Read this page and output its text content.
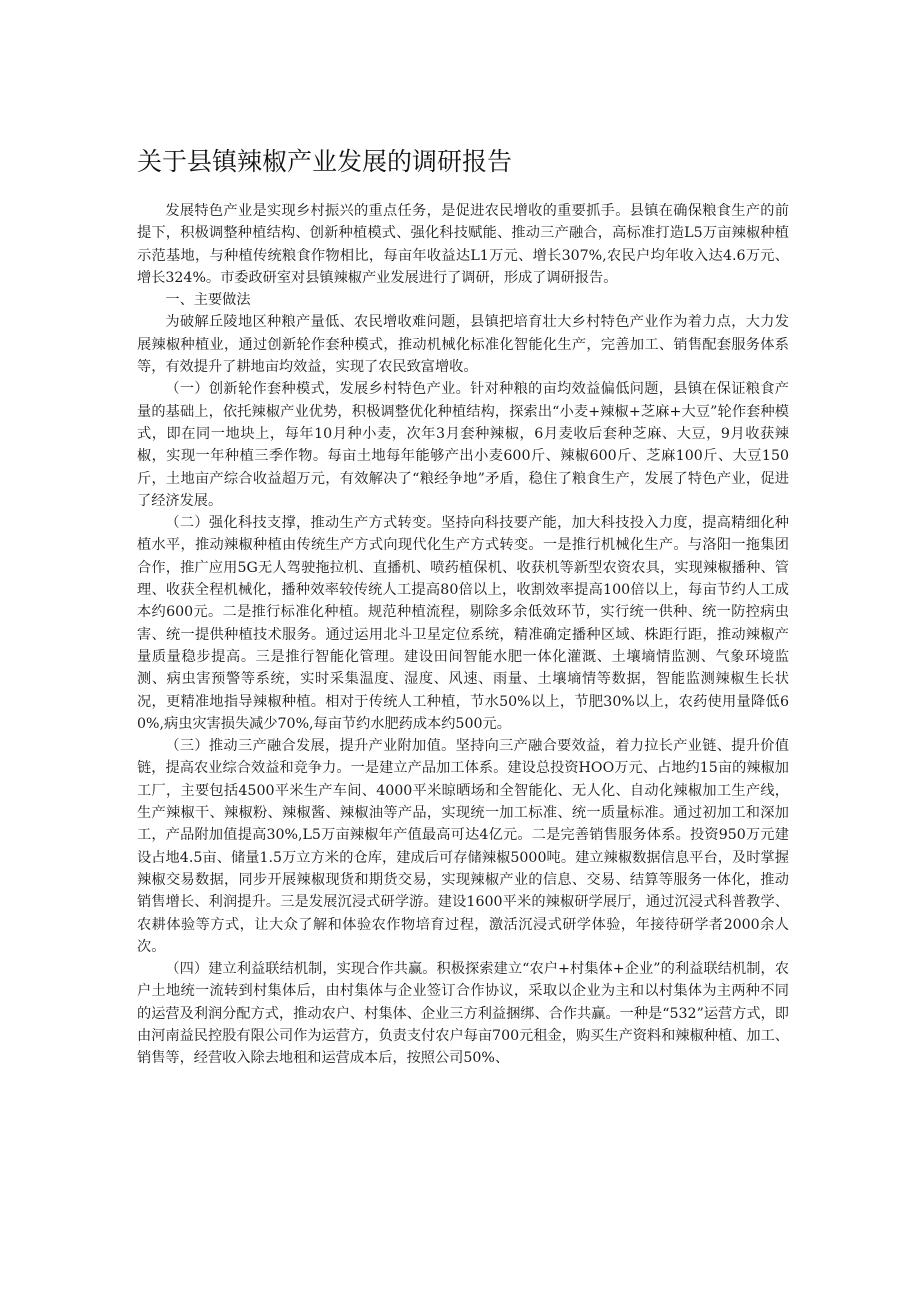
关于县镇辣椒产业发展的调研报告

发展特色产业是实现乡村振兴的重点任务，是促进农民增收的重要抓手。县镇在确保粮食生产的前提下，积极调整种植结构、创新种植模式、强化科技赋能、推动三产融合，高标准打造L5万亩辣椒种植示范基地，与种植传统粮食作物相比，每亩年收益达L1万元、增长307%,农民户均年收入达4.6万元、增长324%。市委政研室对县镇辣椒产业发展进行了调研，形成了调研报告。

一、主要做法

为破解丘陵地区种粮产量低、农民增收难问题，县镇把培育壮大乡村特色产业作为着力点，大力发展辣椒种植业，通过创新轮作套种模式，推动机械化标准化智能化生产，完善加工、销售配套服务体系等，有效提升了耕地亩均效益，实现了农民致富增收。

（一）创新轮作套种模式，发展乡村特色产业。针对种粮的亩均效益偏低问题，县镇在保证粮食产量的基础上，依托辣椒产业优势，积极调整优化种植结构，探索出“小麦+辣椒+芝麻+大豆”轮作套种模式，即在同一地块上，每年10月种小麦，次年3月套种辣椒，6月麦收后套种芝麻、大豆，9月收获辣椒，实现一年种植三季作物。每亩土地每年能够产出小麦600斤、辣椒600斤、芝麻100斤、大豆150斤，土地亩产综合收益超万元，有效解决了“粮经争地”矛盾，稳住了粮食生产，发展了特色产业，促进了经济发展。

（二）强化科技支撑，推动生产方式转变。坚持向科技要产能，加大科技投入力度，提高精细化种植水平，推动辣椒种植由传统生产方式向现代化生产方式转变。一是推行机械化生产。与洛阳一拖集团合作，推广应用5G无人驾驶拖拉机、直播机、喷药植保机、收获机等新型农资农具，实现辣椒播种、管理、收获全程机械化，播种效率较传统人工提高80倍以上，收割效率提高100倍以上，每亩节约人工成本约600元。二是推行标准化种植。规范种植流程，剔除多余低效环节，实行统一供种、统一防控病虫害、统一提供种植技术服务。通过运用北斗卫星定位系统，精准确定播种区域、株距行距，推动辣椒产量质量稳步提高。三是推行智能化管理。建设田间智能水肥一体化灌溉、土壤墒情监测、气象环境监测、病虫害预警等系统，实时采集温度、湿度、风速、雨量、土壤墒情等数据，智能监测辣椒生长状况，更精准地指导辣椒种植。相对于传统人工种植，节水50%以上，节肥30%以上，农药使用量降低60%,病虫灾害损失减少70%,每亩节约水肥药成本约500元。

（三）推动三产融合发展，提升产业附加值。坚持向三产融合要效益，着力拉长产业链、提升价值链，提高农业综合效益和竞争力。一是建立产品加工体系。建设总投资HOO万元、占地约15亩的辣椒加工厂，主要包括4500平米生产车间、4000平米晾晒场和全智能化、无人化、自动化辣椒加工生产线，生产辣椒干、辣椒粉、辣椒酱、辣椒油等产品，实现统一加工标准、统一质量标准。通过初加工和深加工，产品附加值提高30%,L5万亩辣椒年产值最高可达4亿元。二是完善销售服务体系。投资950万元建设占地4.5亩、储量1.5万立方米的仓库，建成后可存储辣椒5000吨。建立辣椒数据信息平台，及时掌握辣椒交易数据，同步开展辣椒现货和期货交易，实现辣椒产业的信息、交易、结算等服务一体化，推动销售增长、利润提升。三是发展沉浸式研学游。建设1600平米的辣椒研学展厅，通过沉浸式科普教学、农耕体验等方式，让大众了解和体验农作物培育过程，激活沉浸式研学体验，年接待研学者2000余人次。

（四）建立利益联结机制，实现合作共赢。积极探索建立“农户+村集体+企业”的利益联结机制，农户土地统一流转到村集体后，由村集体与企业签订合作协议，采取以企业为主和以村集体为主两种不同的运营及利润分配方式，推动农户、村集体、企业三方利益捆绑、合作共赢。一种是“532”运营方式，即由河南益民控股有限公司作为运营方，负责支付农户每亩700元租金，购买生产资料和辣椒种植、加工、销售等，经营收入除去地租和运营成本后，按照公司50%、
